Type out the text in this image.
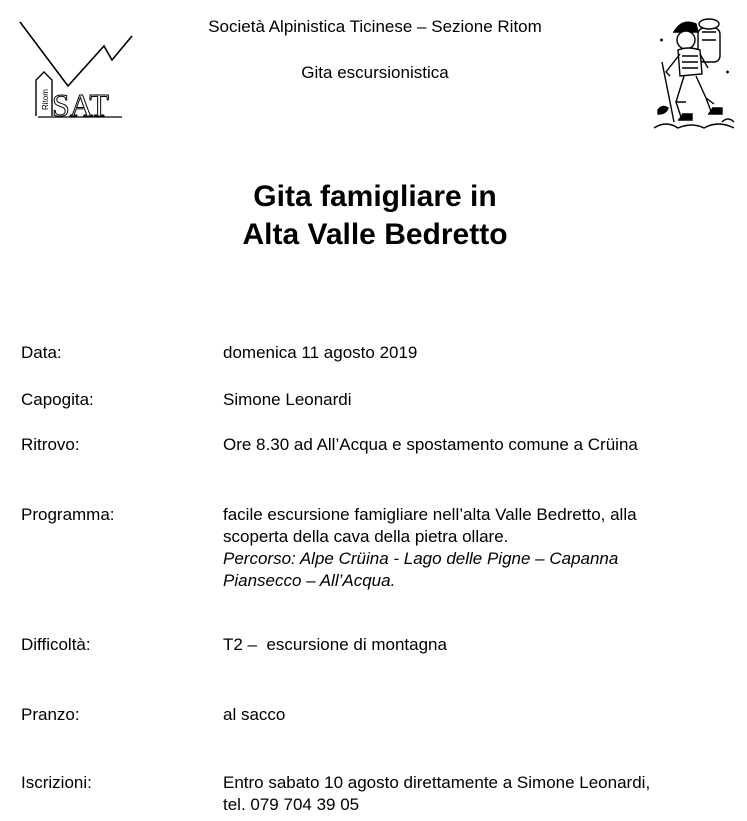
Ritom SAT
Società Alpinistica Ticinese – Sezione Ritom
Gita escursionistica
Gita famigliare in
Alta Valle Bedretto
Data:	domenica 11 agosto 2019
Capogita:	Simone Leonardi
Ritrovo:	Ore 8.30 ad All’Acqua e spostamento comune a Crüina
Programma:	facile escursione famigliare nell’alta Valle Bedretto, alla
scoperta della cava della pietra ollare.
Percorso: Alpe Crüina - Lago delle Pigne – Capanna
Piansecco – All’Acqua.
Difficoltà:	T2 –  escursione di montagna
Pranzo:	al sacco
Iscrizioni:	Entro sabato 10 agosto direttamente a Simone Leonardi,
tel. 079 704 39 05
